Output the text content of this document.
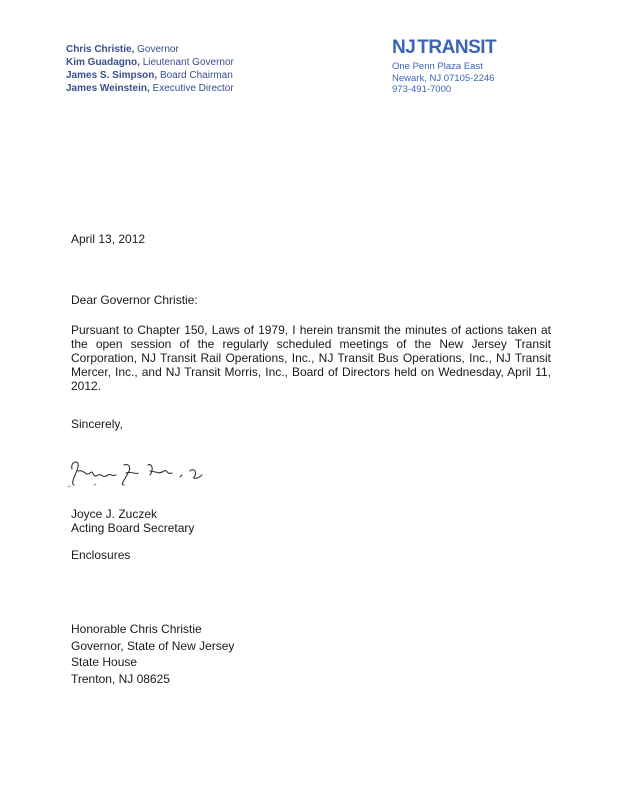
Chris Christie, Governor
Kim Guadagno, Lieutenant Governor
James S. Simpson, Board Chairman
James Weinstein, Executive Director
NJ TRANSIT
One Penn Plaza East
Newark, NJ 07105-2246
973-491-7000
April 13, 2012
Dear Governor Christie:
Pursuant to Chapter 150, Laws of 1979, I herein transmit the minutes of actions taken at the open session of the regularly scheduled meetings of the New Jersey Transit Corporation, NJ Transit Rail Operations, Inc., NJ Transit Bus Operations, Inc., NJ Transit Mercer, Inc., and NJ Transit Morris, Inc., Board of Directors held on Wednesday, April 11, 2012.
Sincerely,
Joyce J. Zuczek
Acting Board Secretary
Enclosures
Honorable Chris Christie
Governor, State of New Jersey
State House
Trenton, NJ 08625
